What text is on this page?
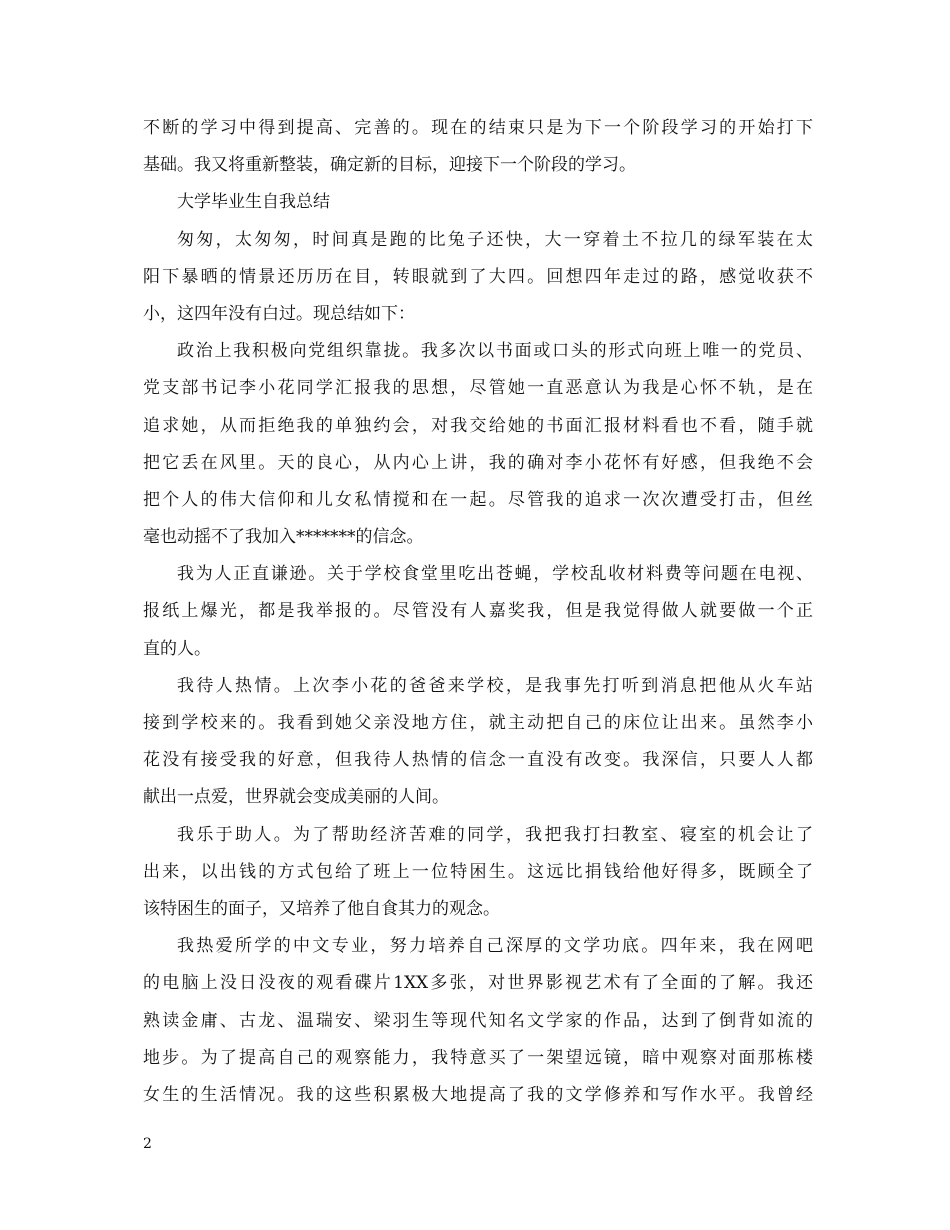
不断的学习中得到提高、完善的。现在的结束只是为下一个阶段学习的开始打下
基础。我又将重新整装，确定新的目标，迎接下一个阶段的学习。
大学毕业生自我总结
匆匆，太匆匆，时间真是跑的比兔子还快，大一穿着土不拉几的绿军装在太
阳下暴晒的情景还历历在目，转眼就到了大四。回想四年走过的路，感觉收获不
小，这四年没有白过。现总结如下：
政治上我积极向党组织靠拢。我多次以书面或口头的形式向班上唯一的党员、
党支部书记李小花同学汇报我的思想，尽管她一直恶意认为我是心怀不轨，是在
追求她，从而拒绝我的单独约会，对我交给她的书面汇报材料看也不看，随手就
把它丢在风里。天的良心，从内心上讲，我的确对李小花怀有好感，但我绝不会
把个人的伟大信仰和儿女私情搅和在一起。尽管我的追求一次次遭受打击，但丝
毫也动摇不了我加入*******的信念。
我为人正直谦逊。关于学校食堂里吃出苍蝇，学校乱收材料费等问题在电视、
报纸上爆光，都是我举报的。尽管没有人嘉奖我，但是我觉得做人就要做一个正
直的人。
我待人热情。上次李小花的爸爸来学校，是我事先打听到消息把他从火车站
接到学校来的。我看到她父亲没地方住，就主动把自己的床位让出来。虽然李小
花没有接受我的好意，但我待人热情的信念一直没有改变。我深信，只要人人都
献出一点爱，世界就会变成美丽的人间。
我乐于助人。为了帮助经济苦难的同学，我把我打扫教室、寝室的机会让了
出来，以出钱的方式包给了班上一位特困生。这远比捐钱给他好得多，既顾全了
该特困生的面子，又培养了他自食其力的观念。
我热爱所学的中文专业，努力培养自己深厚的文学功底。四年来，我在网吧
的电脑上没日没夜的观看碟片1XX多张，对世界影视艺术有了全面的了解。我还
熟读金庸、古龙、温瑞安、梁羽生等现代知名文学家的作品，达到了倒背如流的
地步。为了提高自己的观察能力，我特意买了一架望远镜，暗中观察对面那栋楼
女生的生活情况。我的这些积累极大地提高了我的文学修养和写作水平。我曾经
2
